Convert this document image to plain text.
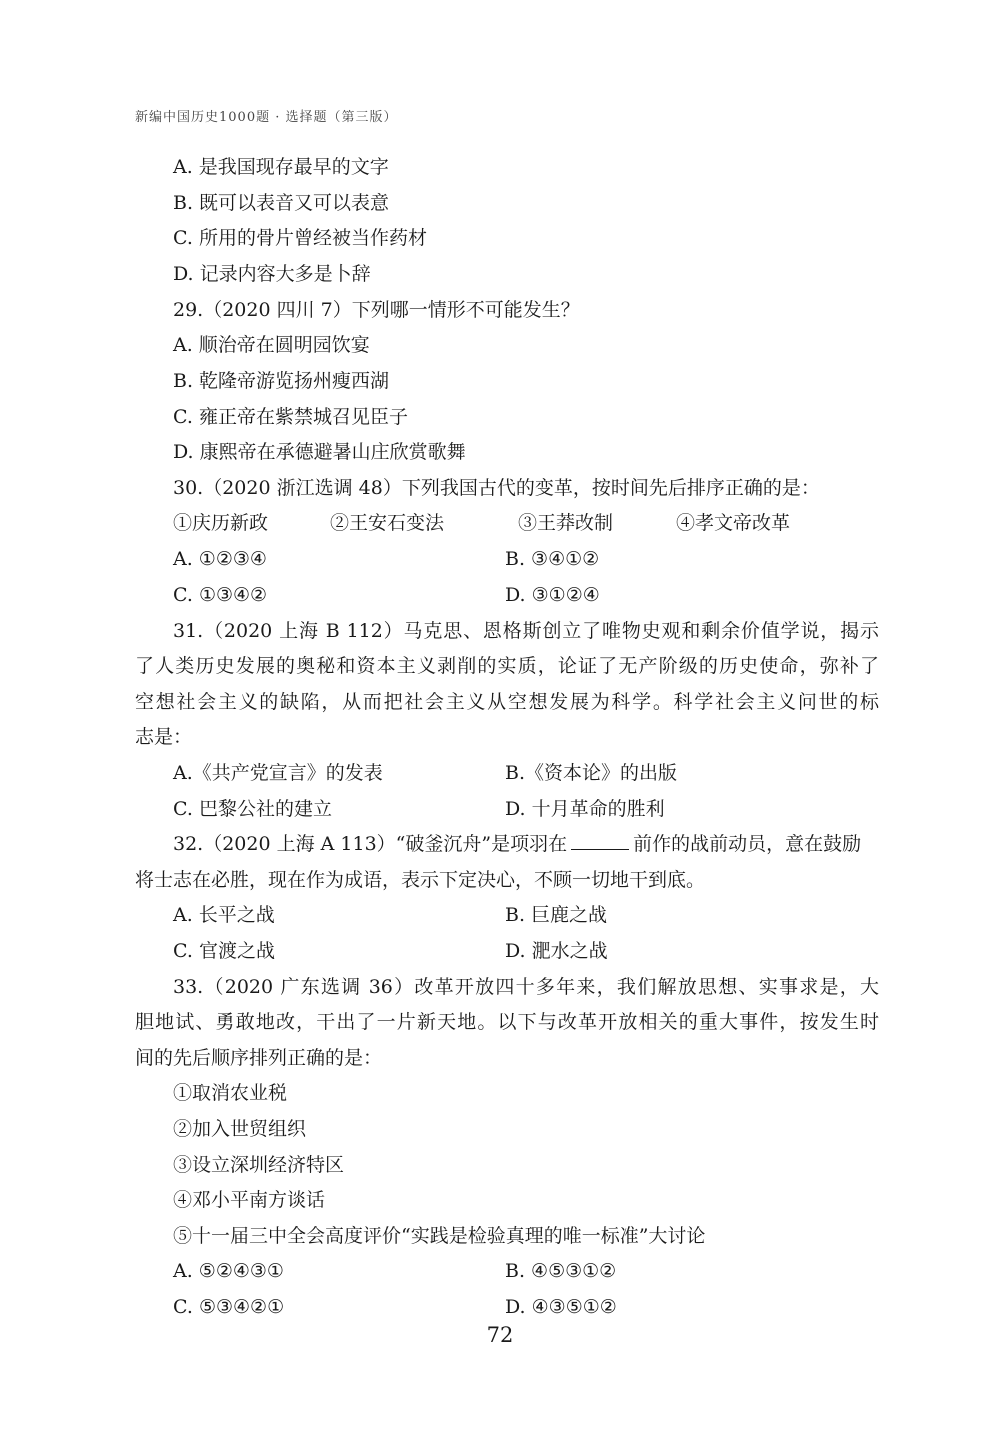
新编中国历史1000题 · 选择题（第三版）
A. 是我国现存最早的文字
B. 既可以表音又可以表意
C. 所用的骨片曾经被当作药材
D. 记录内容大多是卜辞
29.（2020 四川 7）下列哪一情形不可能发生？
A. 顺治帝在圆明园饮宴
B. 乾隆帝游览扬州瘦西湖
C. 雍正帝在紫禁城召见臣子
D. 康熙帝在承德避暑山庄欣赏歌舞
30.（2020 浙江选调 48）下列我国古代的变革，按时间先后排序正确的是：
①庆历新政	②王安石变法	③王莽改制	④孝文帝改革
A. ①②③④	B. ③④①②
C. ①③④②	D. ③①②④
31.（2020 上海 B 112）马克思、恩格斯创立了唯物史观和剩余价值学说，揭示
了人类历史发展的奥秘和资本主义剥削的实质，论证了无产阶级的历史使命，弥补了
空想社会主义的缺陷，从而把社会主义从空想发展为科学。科学社会主义问世的标
志是：
A.《共产党宣言》的发表	B.《资本论》的出版
C. 巴黎公社的建立	D. 十月革命的胜利
32.（2020 上海 A 113）“破釜沉舟”是项羽在	前作的战前动员，意在鼓励
将士志在必胜，现在作为成语，表示下定决心，不顾一切地干到底。
A. 长平之战	B. 巨鹿之战
C. 官渡之战	D. 淝水之战
33.（2020 广东选调 36）改革开放四十多年来，我们解放思想、实事求是，大
胆地试、勇敢地改，干出了一片新天地。以下与改革开放相关的重大事件，按发生时
间的先后顺序排列正确的是：
①取消农业税
②加入世贸组织
③设立深圳经济特区
④邓小平南方谈话
⑤十一届三中全会高度评价“实践是检验真理的唯一标准”大讨论
A. ⑤②④③①	B. ④⑤③①②
C. ⑤③④②①	D. ④③⑤①②
72
